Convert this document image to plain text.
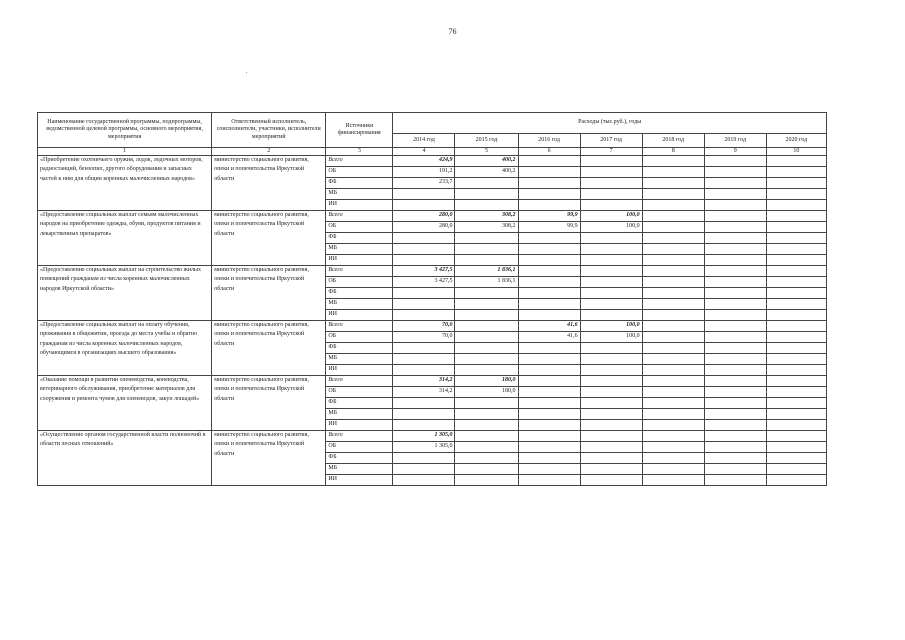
76
Наименование государственной программы, подпрограммы, ведомственной целевой программы, основного мероприятия, мероприятия	Ответственный исполнитель, соисполнители, участники, исполнители мероприятий	Источники финансирования	Расходы (тыс.руб.), годы						
			2014 год	2015 год	2016 год	2017 год	2018 год	2019 год	2020 год
1	2	3	4	5	6	7	8	9	10
«Приобретение охотничьего оружия, лодок, лодочных моторов, радиостанций, бензопил, другого оборудования и запасных частей к ним для общин коренных малочисленных народов»	министерство социального развития, опеки и попечительства Иркутской области	Всего	424,9	400,2					
		ОБ	191,2	400,2					
		ФБ	233,7						
		МБ							
		ИИ							
«Предоставление социальных выплат семьям малочисленных народов на приобретение одежды, обуви, продуктов питания и лекарственных препаратов»	министерство социального развития, опеки и попечительства Иркутской области	Всего	280,0	308,2	99,9	100,0			
		ОБ	280,0	308,2	99,9	100,0			
		ФБ							
		МБ							
		ИИ							
«Предоставление социальных выплат на строительство жилых помещений гражданам из числа коренных малочисленных народов Иркутской области»	министерство социального развития, опеки и попечительства Иркутской области	Всего	3 427,5	1 836,1					
		ОБ	3 427,5	1 836,1					
		ФБ							
		МБ							
		ИИ							
«Предоставление социальных выплат на оплату обучения, проживания в общежитии, проезда до места учебы и обратно гражданам из числа коренных малочисленных народов, обучающимся в организациях высшего образования»	министерство социального развития, опеки и попечительства Иркутской области	Всего	70,0		41,6	100,0			
		ОБ	70,0		41,6	100,0			
		ФБ							
		МБ							
		ИИ							
«Оказание помощи в развитии оленеводства, коневодства, ветеринарного обслуживания, приобретение материалов для сооружения и ремонта чумов для оленеводов, закуп лошадей»	министерство социального развития, опеки и попечительства Иркутской области	Всего	314,2	180,0					
		ОБ	314,2	180,0					
		ФБ							
		МБ							
		ИИ							
«Осуществление органом государственной власти полномочий в области лесных отношений»	министерство социального развития, опеки и попечительства Иркутской области	Всего	1 305,0						
		ОБ	1 305,0						
		ФБ							
		МБ							
		ИИ							
